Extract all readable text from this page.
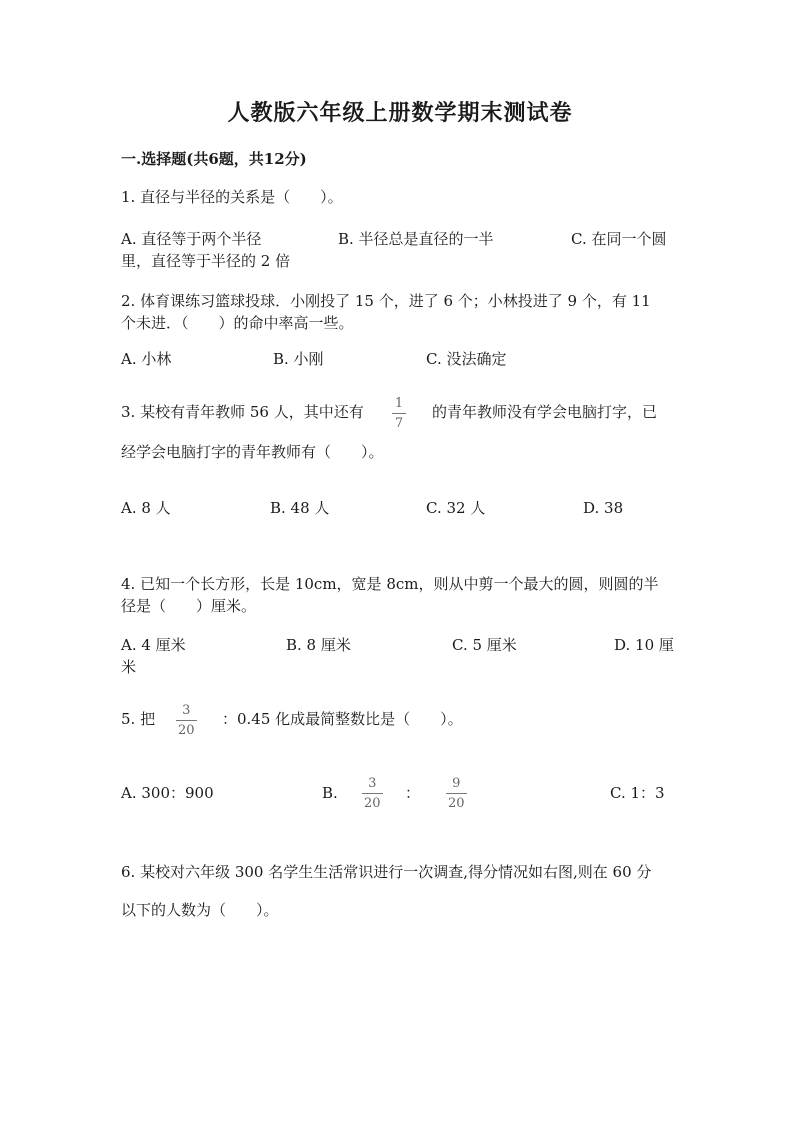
人教版六年级上册数学期末测试卷
一.选择题(共6题，共12分)
1. 直径与半径的关系是（　　）。
A. 直径等于两个半径	B. 半径总是直径的一半	C. 在同一个圆
里，直径等于半径的 2 倍
2. 体育课练习篮球投球．小刚投了 15 个，进了 6 个；小林投进了 9 个，有 11
个未进．（　　）的命中率高一些。
A. 小林	B. 小刚	C. 没法确定
3. 某校有青年教师 56 人，其中还有 1
7
的青年教师没有学会电脑打字，已
经学会电脑打字的青年教师有（　　）。
A. 8 人	B. 48 人	C. 32 人	D. 38
4. 已知一个长方形，长是 10cm，宽是 8cm，则从中剪一个最大的圆，则圆的半
径是（　　）厘米。
A. 4 厘米	B. 8 厘米	C. 5 厘米	D. 10 厘
米
5. 把 3
20
：0.45 化成最简整数比是（　　）。
A. 300：900	B.
3
20
：
9
20
C. 1：3
6. 某校对六年级 300 名学生生活常识进行一次调查,得分情况如右图,则在 60 分
以下的人数为（　　）。
